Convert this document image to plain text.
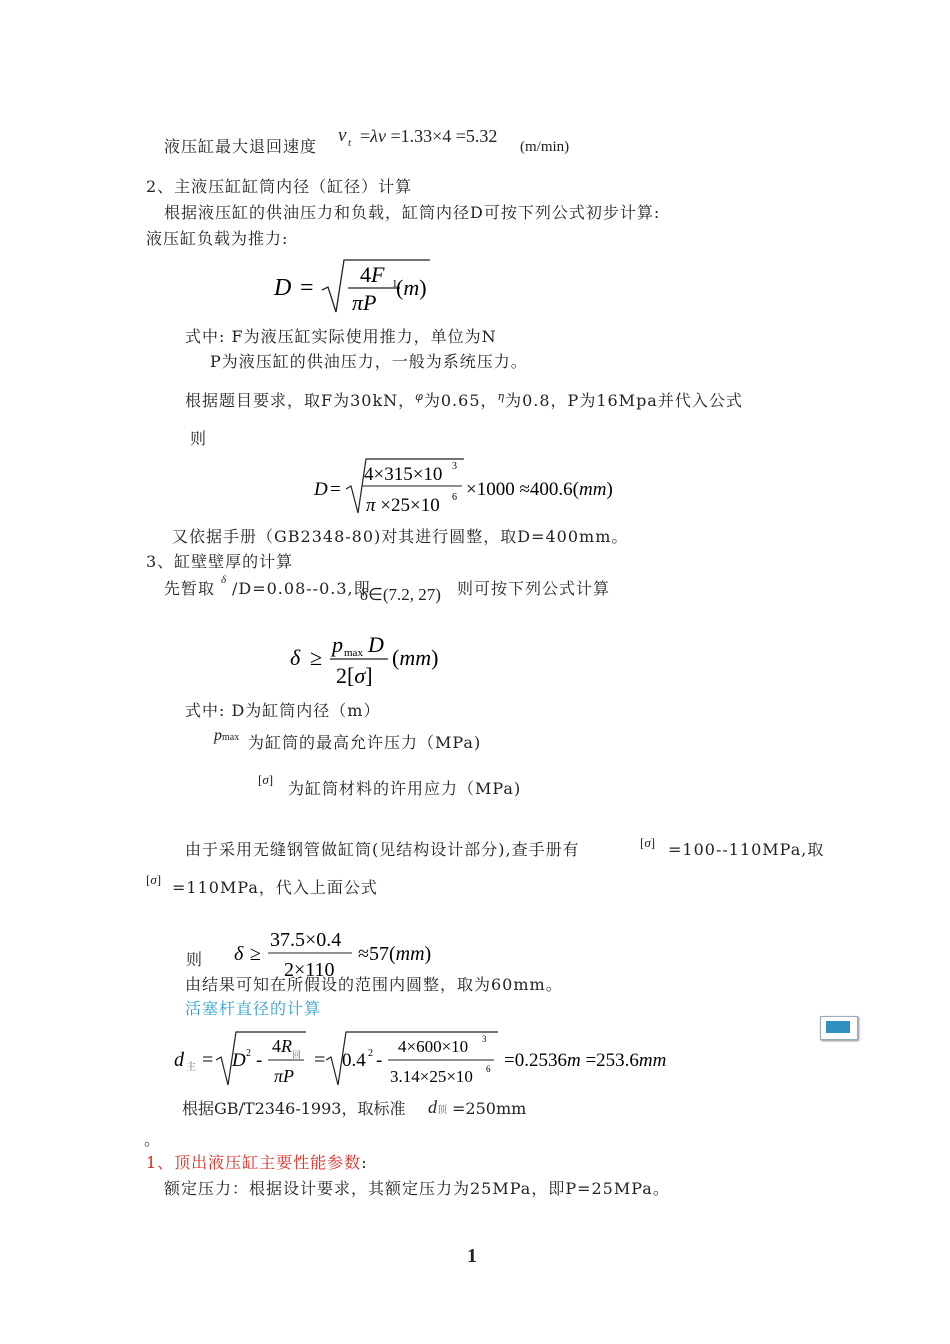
液压缸最大退回速度
v t =λv =1.33×4 =5.32
(m/min)
2、主液压缸缸筒内径（缸径）计算
根据液压缸的供油压力和负载，缸筒内径D可按下列公式初步计算:
液压缸负载为推力:
D =
4F 1
πP
(m)
式中: F为液压缸实际使用推力，单位为N
P为液压缸的供油压力，一般为系统压力。
根据题目要求，取F为30kN，$^\varphi$为0.65，$^\eta$为0.8，P为16Mpa并代入公式
则
D =
4×315×10 3
π ×25×10 6 ×1000 ≈400.6(mm)
又依据手册（GB2348-80)对其进行圆整，取D=400mm。
3、缸壁壁厚的计算
先暂取 δ /D=0.08--0.3,即
δ∈(7.2, 27) 则可按下列公式计算
δ ≥
p max D
2[σ]
(mm)
式中: D为缸筒内径（m）
pmax 为缸筒的最高允许压力（MPa)
[σ] 为缸筒材料的许用应力（MPa)
由于采用无缝钢管做缸筒(见结构设计部分),查手册有	[σ] =100--110MPa,取
[σ] =110MPa，代入上面公式
δ ≥
37.5×0.4
2×110
≈57(mm)
则
由结果可知在所假设的范围内圆整，取为60mm。
活塞杆直径的计算
d 主 = D 2 -
4R 回
πP
= 0.4 2 -
4×600×10 3
3.14×25×10 6 =0.2536m =253.6mm
根据GB/T2346-1993，取标准 d顶 =250mm
。
1、顶出液压缸主要性能参数:
额定压力：根据设计要求，其额定压力为25MPa，即P=25MPa。
1
